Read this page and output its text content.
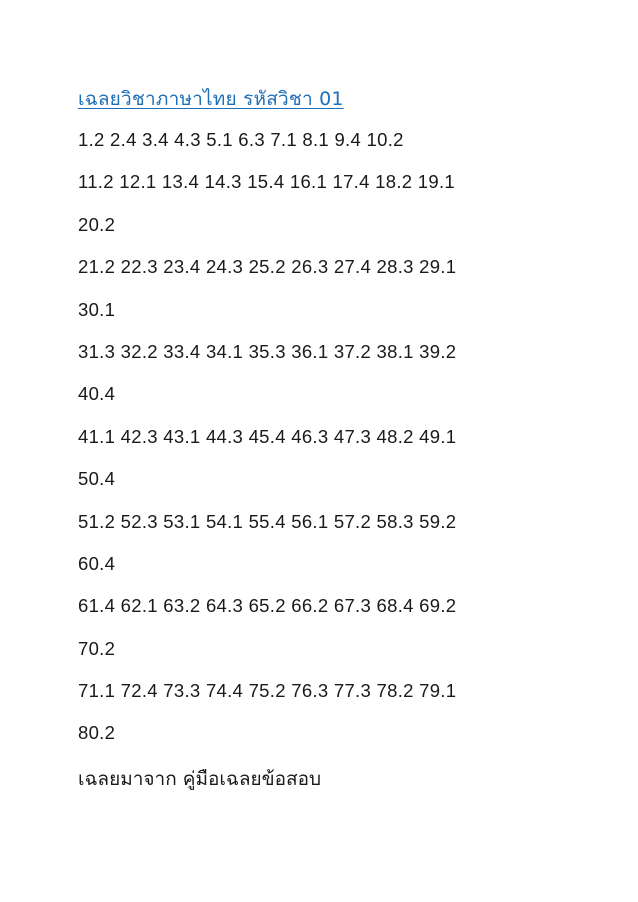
เฉลยวิชาภาษาไทย รหัสวิชา 01
1.2 2.4 3.4 4.3 5.1 6.3 7.1 8.1 9.4 10.2
11.2 12.1 13.4 14.3 15.4 16.1 17.4 18.2 19.1
20.2
21.2 22.3 23.4 24.3 25.2 26.3 27.4 28.3 29.1
30.1
31.3 32.2 33.4 34.1 35.3 36.1 37.2 38.1 39.2
40.4
41.1 42.3 43.1 44.3 45.4 46.3 47.3 48.2 49.1
50.4
51.2 52.3 53.1 54.1 55.4 56.1 57.2 58.3 59.2
60.4
61.4 62.1 63.2 64.3 65.2 66.2 67.3 68.4 69.2
70.2
71.1 72.4 73.3 74.4 75.2 76.3 77.3 78.2 79.1
80.2
เฉลยมาจาก คู่มือเฉลยข้อสอบ
